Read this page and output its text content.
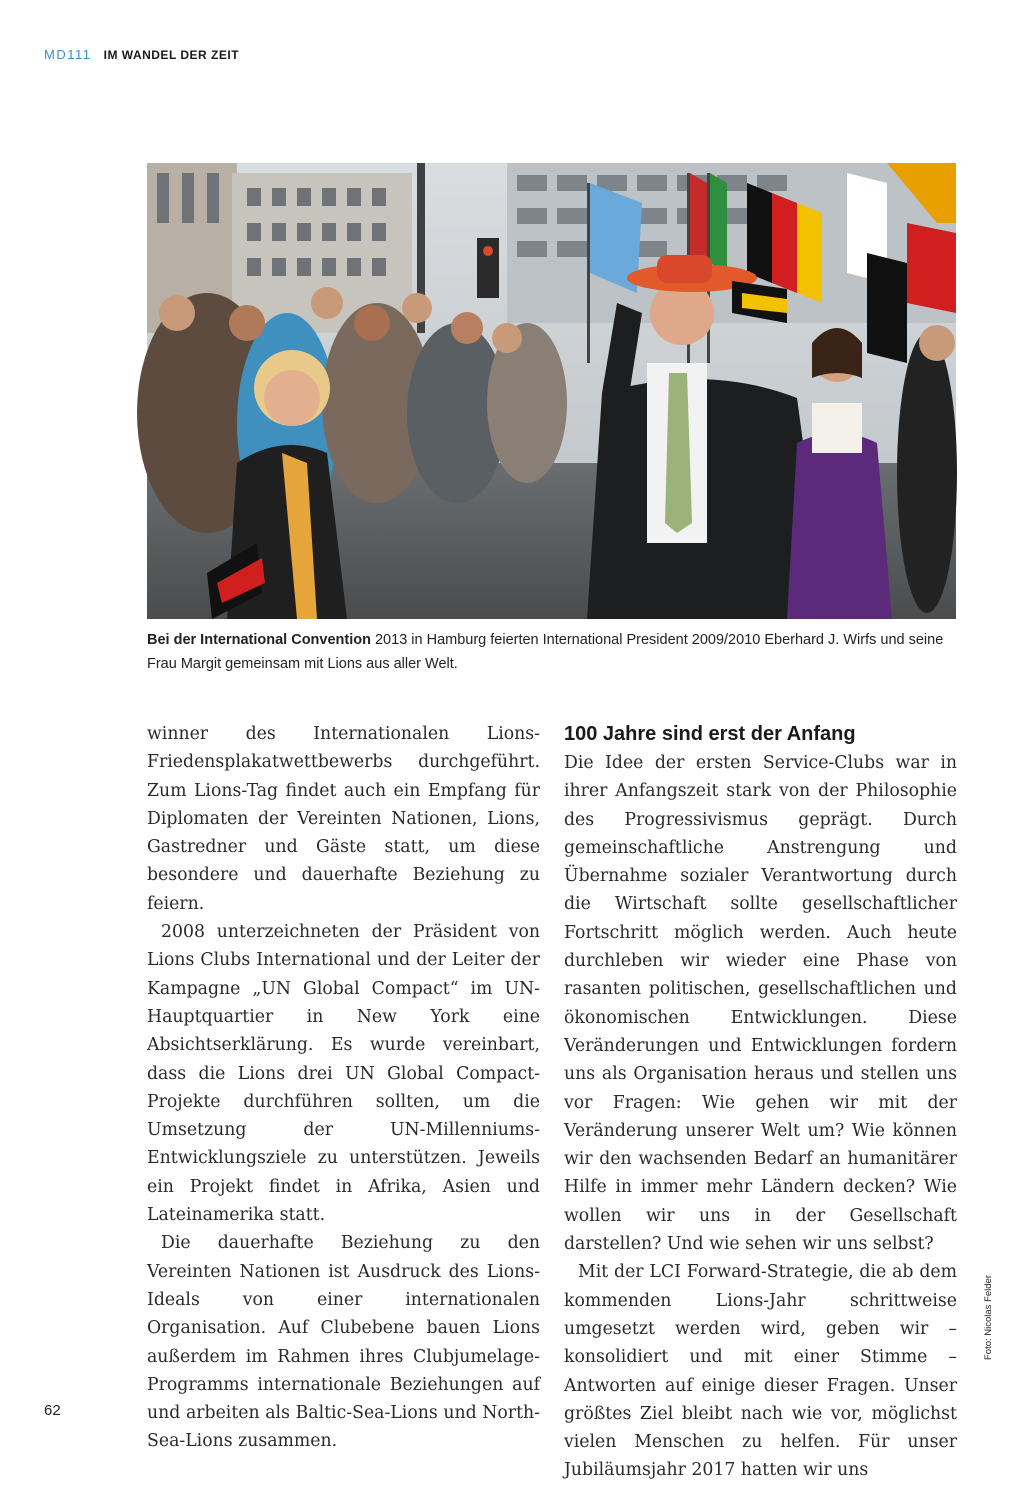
MD111 IM WANDEL DER ZEIT
Bei der International Convention 2013 in Hamburg feierten International President 2009/2010 Eberhard J. Wirfs und seine Frau Margit gemeinsam mit Lions aus aller Welt.

winner des Internationalen Lions-Friedensplakatwettbewerbs durchgeführt. Zum Lions-Tag findet auch ein Empfang für Diplomaten der Vereinten Nationen, Lions, Gastredner und Gäste statt, um diese besondere und dauerhafte Beziehung zu feiern.

2008 unterzeichneten der Präsident von Lions Clubs International und der Leiter der Kampagne „UN Global Compact“ im UN-Hauptquartier in New York eine Absichtserklärung. Es wurde vereinbart, dass die Lions drei UN Global Compact-Projekte durchführen sollten, um die Umsetzung der UN-Millenniums-Entwicklungsziele zu unterstützen. Jeweils ein Projekt findet in Afrika, Asien und Lateinamerika statt.

Die dauerhafte Beziehung zu den Vereinten Nationen ist Ausdruck des Lions-Ideals von einer internationalen Organisation. Auf Clubebene bauen Lions außerdem im Rahmen ihres Clubjumelage-Programms internationale Beziehungen auf und arbeiten als Baltic-Sea-Lions und North-Sea-Lions zusammen.

100 Jahre sind erst der Anfang

Die Idee der ersten Service-Clubs war in ihrer Anfangszeit stark von der Philosophie des Progressivismus geprägt. Durch gemeinschaftliche Anstrengung und Übernahme sozialer Verantwortung durch die Wirtschaft sollte gesellschaftlicher Fortschritt möglich werden. Auch heute durchleben wir wieder eine Phase von rasanten politischen, gesellschaftlichen und ökonomischen Entwicklungen. Diese Veränderungen und Entwicklungen fordern uns als Organisation heraus und stellen uns vor Fragen: Wie gehen wir mit der Veränderung unserer Welt um? Wie können wir den wachsenden Bedarf an humanitärer Hilfe in immer mehr Ländern decken? Wie wollen wir uns in der Gesellschaft darstellen? Und wie sehen wir uns selbst?

Mit der LCI Forward-Strategie, die ab dem kommenden Lions-Jahr schrittweise umgesetzt werden wird, geben wir – konsolidiert und mit einer Stimme – Antworten auf einige dieser Fragen. Unser größtes Ziel bleibt nach wie vor, möglichst vielen Menschen zu helfen. Für unser Jubiläumsjahr 2017 hatten wir uns

Foto: Nicolas Felder
62
